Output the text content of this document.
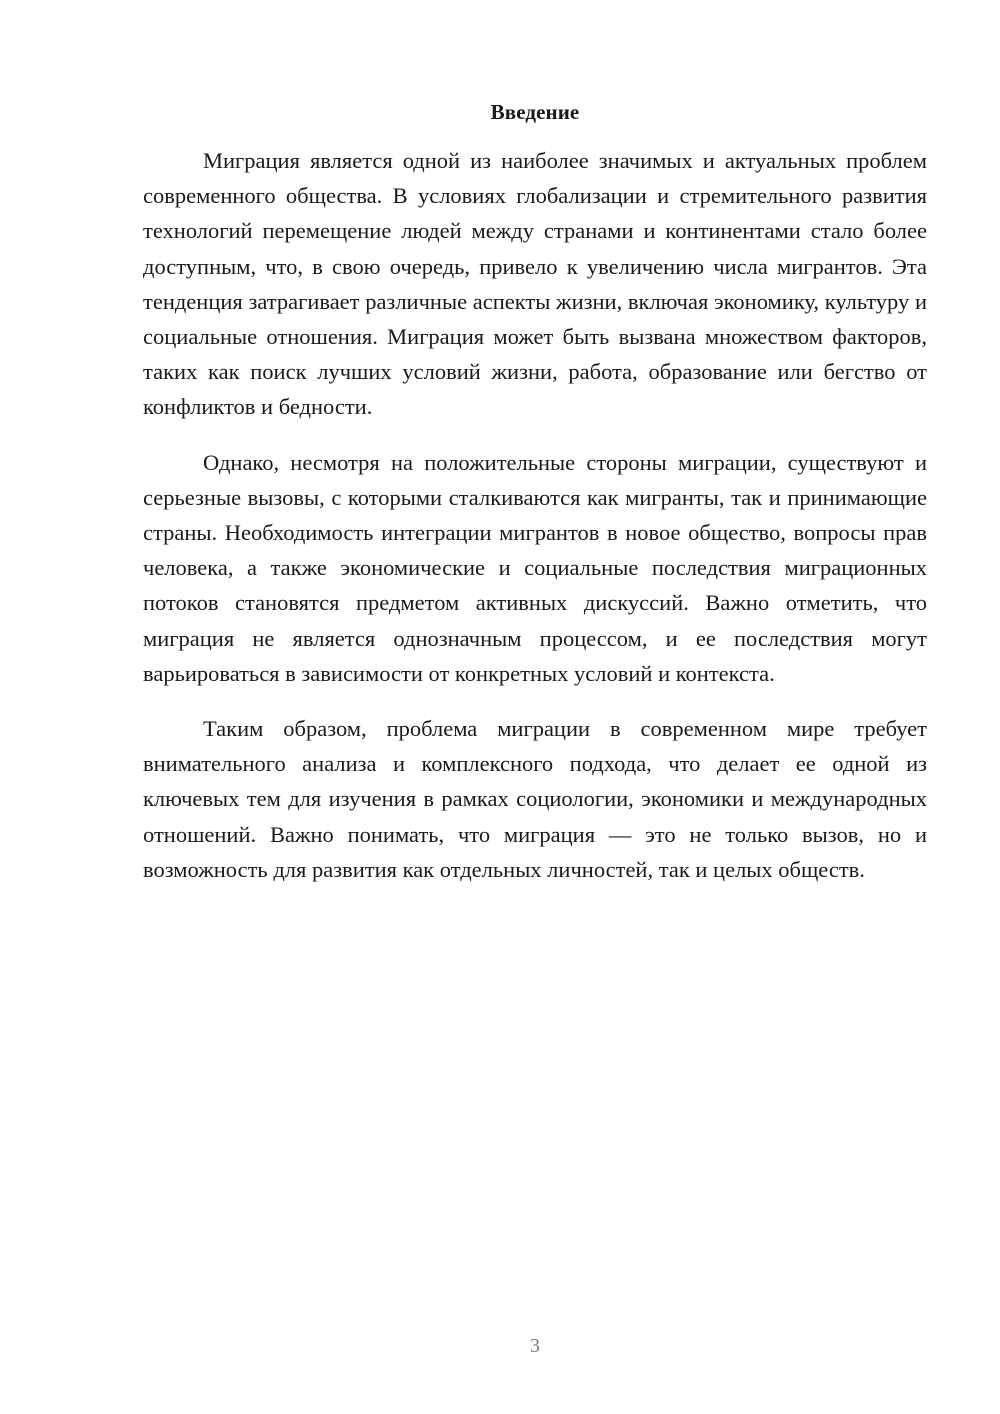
Введение

Миграция является одной из наиболее значимых и актуальных проблем современного общества. В условиях глобализации и стремительного развития технологий перемещение людей между странами и континентами стало более доступным, что, в свою очередь, привело к увеличению числа мигрантов. Эта тенденция затрагивает различные аспекты жизни, включая экономику, культуру и социальные отношения. Миграция может быть вызвана множеством факторов, таких как поиск лучших условий жизни, работа, образование или бегство от конфликтов и бедности.

Однако, несмотря на положительные стороны миграции, существуют и серьезные вызовы, с которыми сталкиваются как мигранты, так и принимающие страны. Необходимость интеграции мигрантов в новое общество, вопросы прав человека, а также экономические и социальные последствия миграционных потоков становятся предметом активных дискуссий. Важно отметить, что миграция не является однозначным процессом, и ее последствия могут варьироваться в зависимости от конкретных условий и контекста.

Таким образом, проблема миграции в современном мире требует внимательного анализа и комплексного подхода, что делает ее одной из ключевых тем для изучения в рамках социологии, экономики и международных отношений. Важно понимать, что миграция — это не только вызов, но и возможность для развития как отдельных личностей, так и целых обществ.

3
